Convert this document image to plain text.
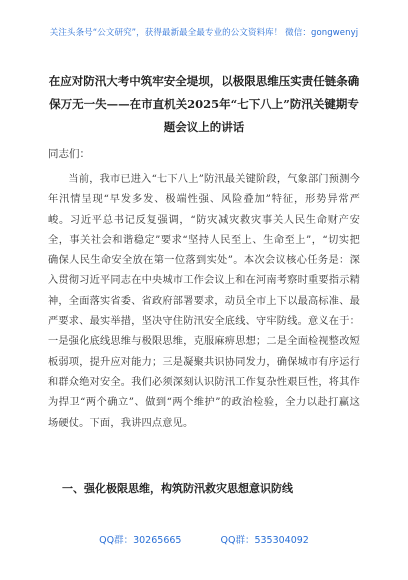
关注头条号“公文研究”，获得最新最全最专业的公文资料库！ 微信：gongwenyj
在应对防汛大考中筑牢安全堤坝，以极限思维压实责任链条确保万无一失——在市直机关2025年“七下八上”防汛关键期专题会议上的讲话
同志们：
当前，我市已进入“七下八上”防汛最关键阶段，气象部门预测今年汛情呈现“早发多发、极端性强、风险叠加”特征，形势异常严峻。习近平总书记反复强调，“防灾减灾救灾事关人民生命财产安全，事关社会和谐稳定”要求“坚持人民至上、生命至上”，“切实把确保人民生命安全放在第一位落到实处”。本次会议核心任务是：深入贯彻习近平同志在中央城市工作会议上和在河南考察时重要指示精神，全面落实省委、省政府部署要求，动员全市上下以最高标准、最严要求、最实举措，坚决守住防汛安全底线、守牢防线。意义在于：一是强化底线思维与极限思维，克服麻痹思想；二是全面检视整改短板弱项，提升应对能力；三是凝聚共识协同发力，确保城市有序运行和群众绝对安全。我们必须深刻认识防汛工作复杂性艰巨性，将其作为捍卫“两个确立”、做到“两个维护”的政治检验，全力以赴打赢这场硬仗。下面，我讲四点意见。
一、强化极限思维，构筑防汛救灾思想意识防线
QQ群：30265665	QQ群：535304092
